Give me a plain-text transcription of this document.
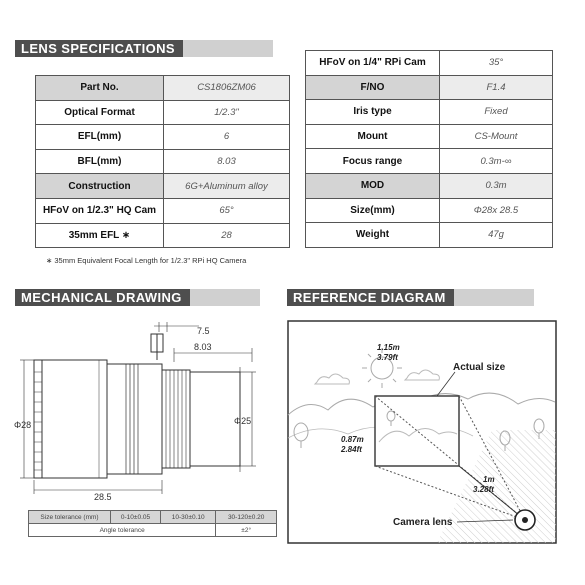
LENS SPECIFICATIONS
MECHANICAL DRAWING	REFERENCE DIAGRAM
Part No.	CS1806ZM06
Optical Format	1/2.3"
EFL(mm)	6
BFL(mm)	8.03
Construction	6G+Aluminum alloy
HFoV on 1/2.3" HQ Cam	65°
35mm EFL ∗	28
HFoV on 1/4" RPi Cam	35°
F/NO	F1.4
Iris type	Fixed
Mount	CS-Mount
Focus range	0.3m-∞
MOD	0.3m
Size(mm)	Φ28x 28.5
Weight	47g
∗ 35mm Equivalent Focal Length for 1/2.3" RPi HQ Camera
7.5
8.03
Φ28	Φ25
28.5
Size tolerance (mm)	0-10±0.05	10-30±0.10	30-120±0.20
Angle tolerance			±2°
Actual size
1.15m
3.79ft
0.87m
2.84ft
1m
3.28ft
Camera lens
